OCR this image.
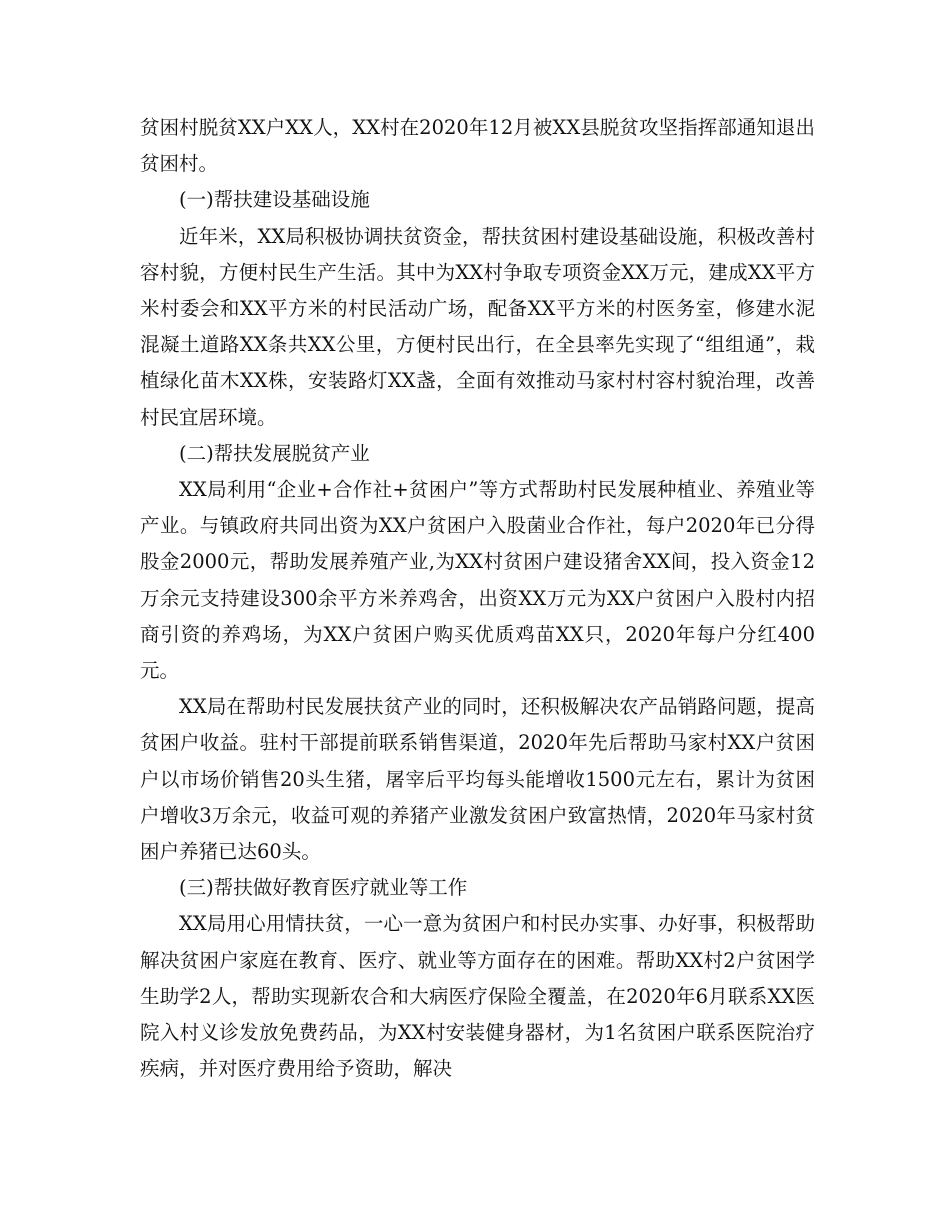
贫困村脱贫XX户XX人，XX村在2020年12月被XX县脱贫攻坚指挥部通知退出贫困村。

(一)帮扶建设基础设施

近年米，XX局积极协调扶贫资金，帮扶贫困村建设基础设施，积极改善村容村貌，方便村民生产生活。其中为XX村争取专项资金XX万元，建成XX平方米村委会和XX平方米的村民活动广场，配备XX平方米的村医务室，修建水泥混凝土道路XX条共XX公里，方便村民出行，在全县率先实现了“组组通”，栽植绿化苗木XX株，安装路灯XX盏，全面有效推动马家村村容村貌治理，改善村民宜居环境。

(二)帮扶发展脱贫产业

XX局利用“企业+合作社+贫困户”等方式帮助村民发展种植业、养殖业等产业。与镇政府共同出资为XX户贫困户入股菌业合作社，每户2020年已分得股金2000元，帮助发展养殖产业,为XX村贫困户建设猪舍XX间，投入资金12万余元支持建设300余平方米养鸡舍，出资XX万元为XX户贫困户入股村内招商引资的养鸡场，为XX户贫困户购买优质鸡苗XX只，2020年每户分红400元。

XX局在帮助村民发展扶贫产业的同时，还积极解决农产品销路问题，提高贫困户收益。驻村干部提前联系销售渠道，2020年先后帮助马家村XX户贫困户以市场价销售20头生猪，屠宰后平均每头能增收1500元左右，累计为贫困户增收3万余元，收益可观的养猪产业激发贫困户致富热情，2020年马家村贫困户养猪已达60头。

(三)帮扶做好教育医疗就业等工作

XX局用心用情扶贫，一心一意为贫困户和村民办实事、办好事，积极帮助解决贫困户家庭在教育、医疗、就业等方面存在的困难。帮助XX村2户贫困学生助学2人，帮助实现新农合和大病医疗保险全覆盖，在2020年6月联系XX医院入村义诊发放免费药品，为XX村安装健身器材，为1名贫困户联系医院治疗疾病，并对医疗费用给予资助，解决
